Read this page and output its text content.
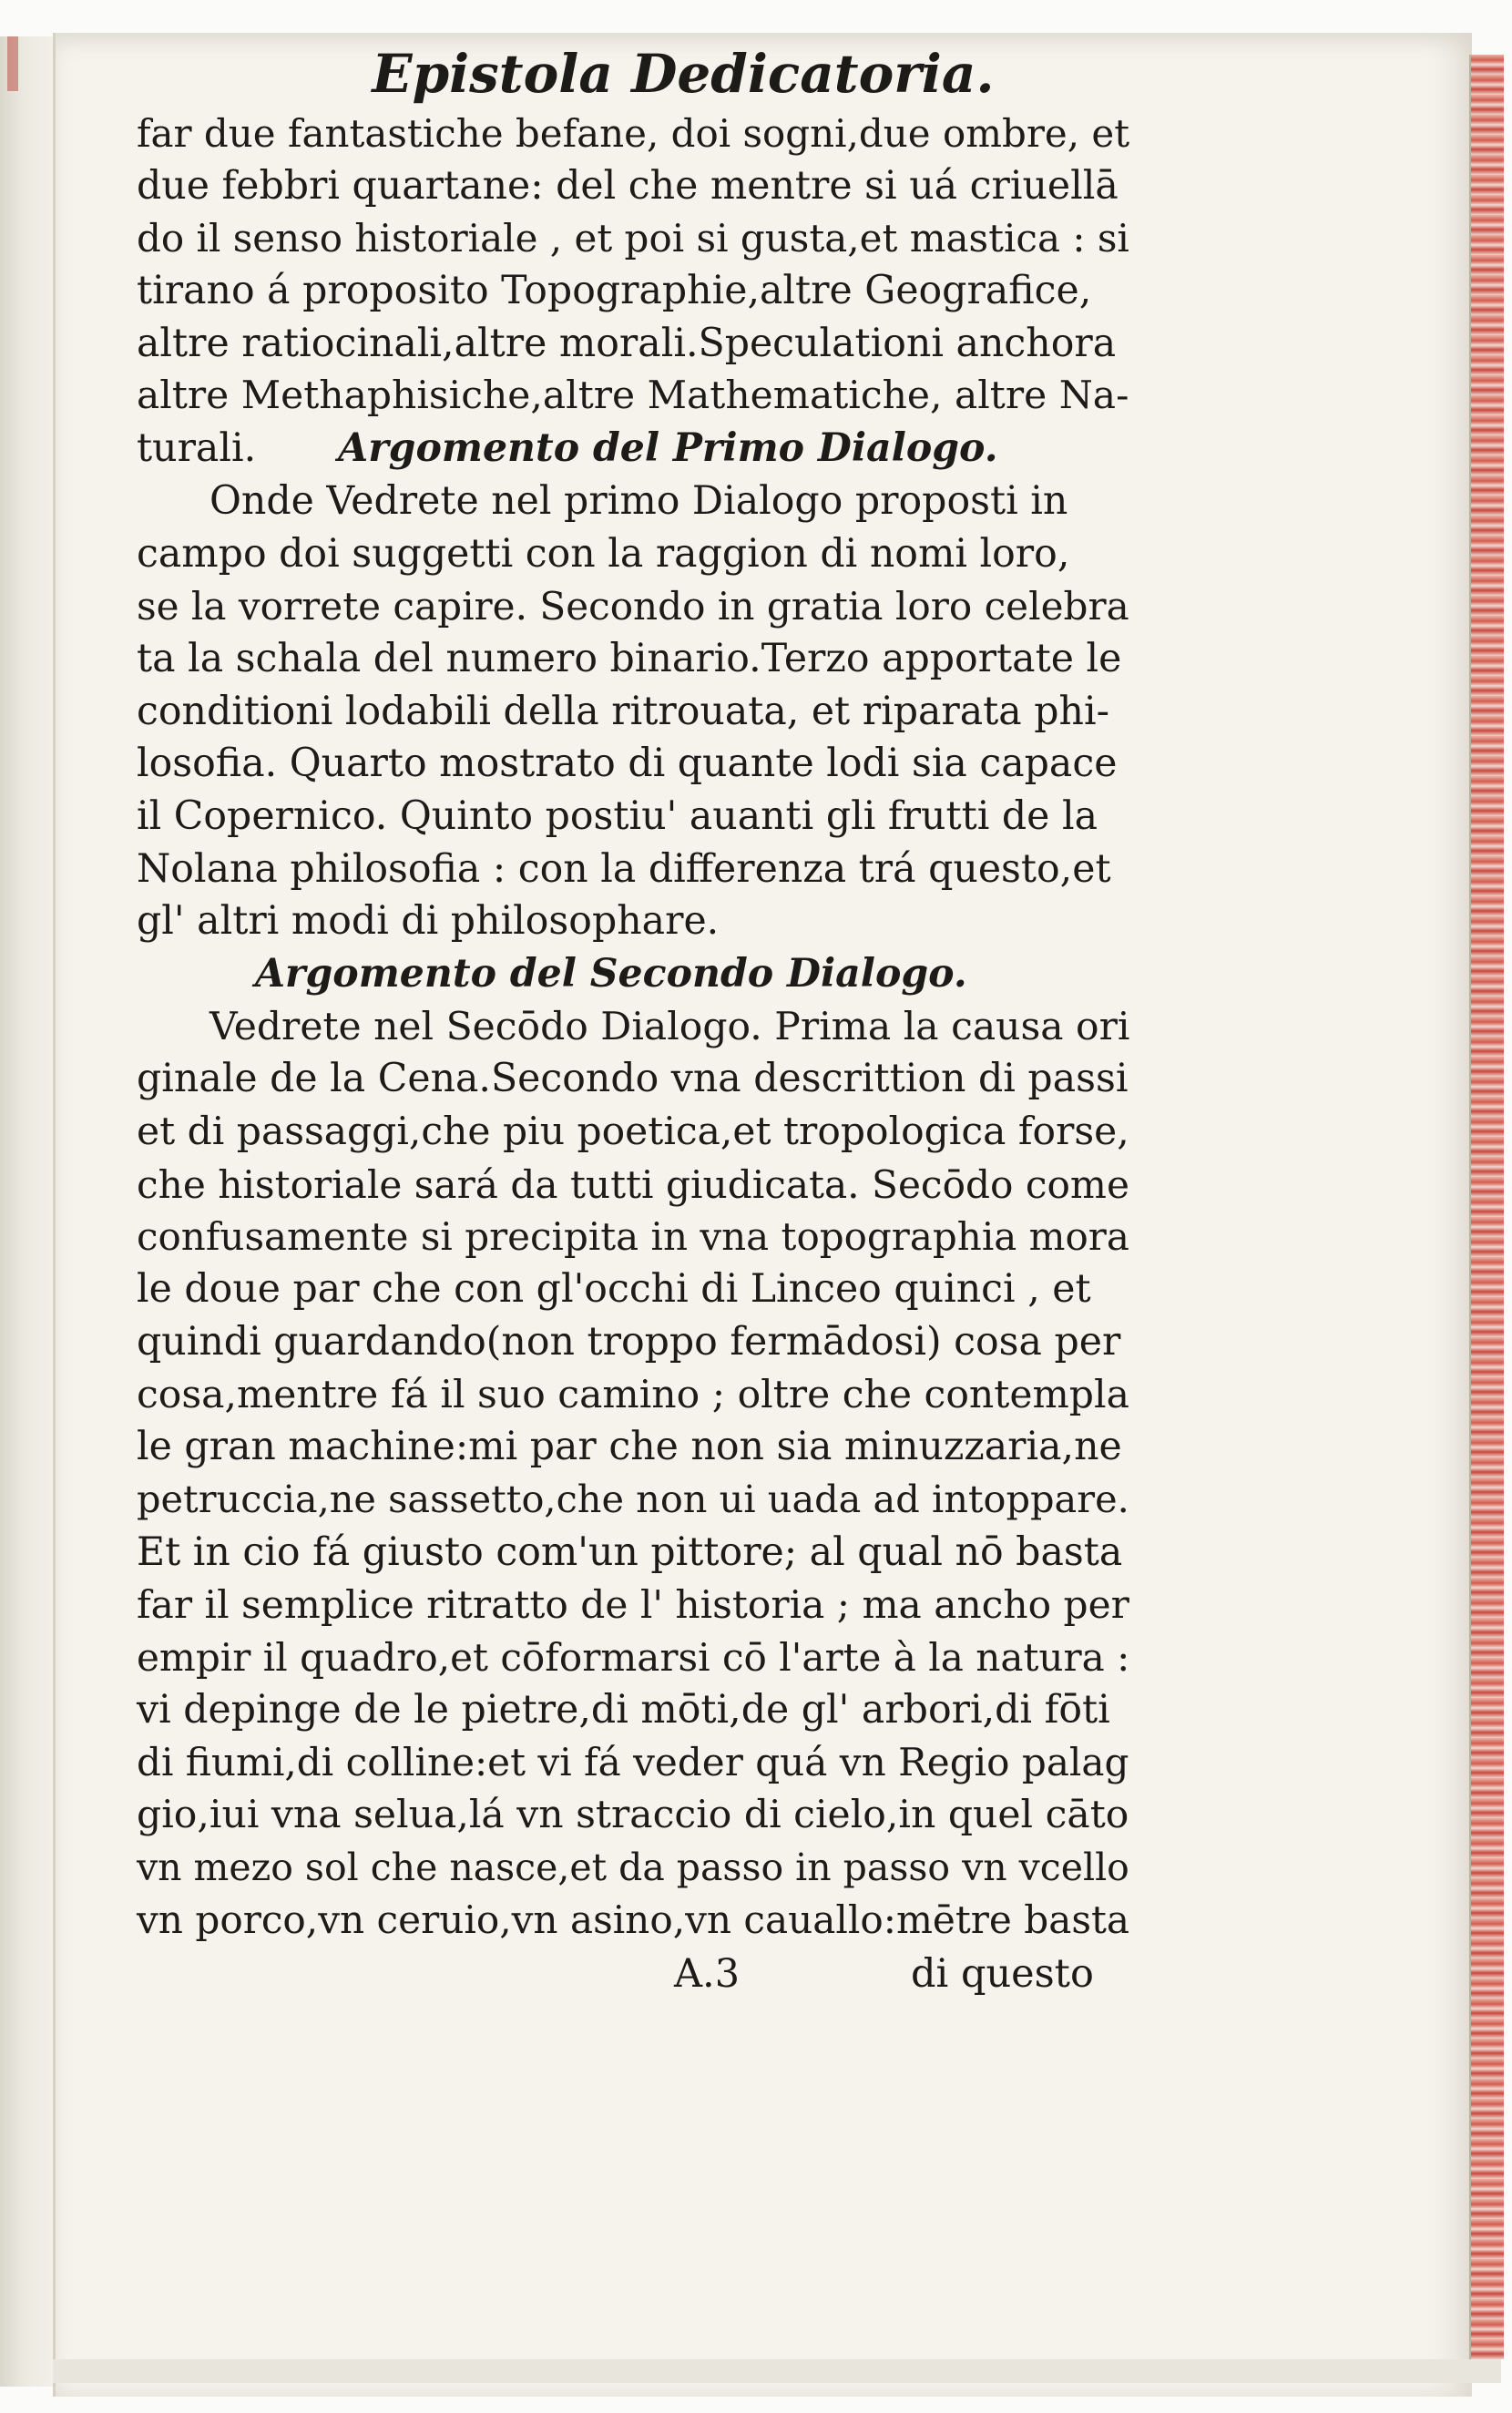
Epistola Dedicatoria.
far due fantastiche befane, doi sogni,due ombre, et
due febbri quartane: del che mentre si uá criuellā
do il senso historiale , et poi si gusta,et mastica : si
tirano á proposito Topographie,altre Geografice,
altre ratiocinali,altre morali.Speculationi anchora
altre Methaphisiche,altre Mathematiche, altre Na-
turali. Argomento del Primo Dialogo.
Onde Vedrete nel primo Dialogo proposti in
campo doi suggetti con la raggion di nomi loro,
se la vorrete capire. Secondo in gratia loro celebra
ta la schala del numero binario.Terzo apportate le
conditioni lodabili della ritrouata, et riparata phi-
losofia. Quarto mostrato di quante lodi sia capace
il Copernico. Quinto postiu' auanti gli frutti de la
Nolana philosofia : con la differenza trá questo,et
gl' altri modi di philosophare.
Argomento del Secondo Dialogo.
Vedrete nel Secōdo Dialogo. Prima la causa ori
ginale de la Cena.Secondo vna descrittion di passi
et di passaggi,che piu poetica,et tropologica forse,
che historiale sará da tutti giudicata. Secōdo come
confusamente si precipita in vna topographia mora
le doue par che con gl'occhi di Linceo quinci , et
quindi guardando(non troppo fermādosi) cosa per
cosa,mentre fá il suo camino ; oltre che contempla
le gran machine:mi par che non sia minuzzaria,ne
petruccia,ne sassetto,che non ui uada ad intoppare.
Et in cio fá giusto com'un pittore; al qual nō basta
far il semplice ritratto de l' historia ; ma ancho per
empir il quadro,et cōformarsi cō l'arte à la natura :
vi depinge de le pietre,di mōti,de gl' arbori,di fōti
di fiumi,di colline:et vi fá veder quá vn Regio palag
gio,iui vna selua,lá vn straccio di cielo,in quel cāto
vn mezo sol che nasce,et da passo in passo vn vcello
vn porco,vn ceruio,vn asino,vn cauallo:mētre basta
A.3	di questo
